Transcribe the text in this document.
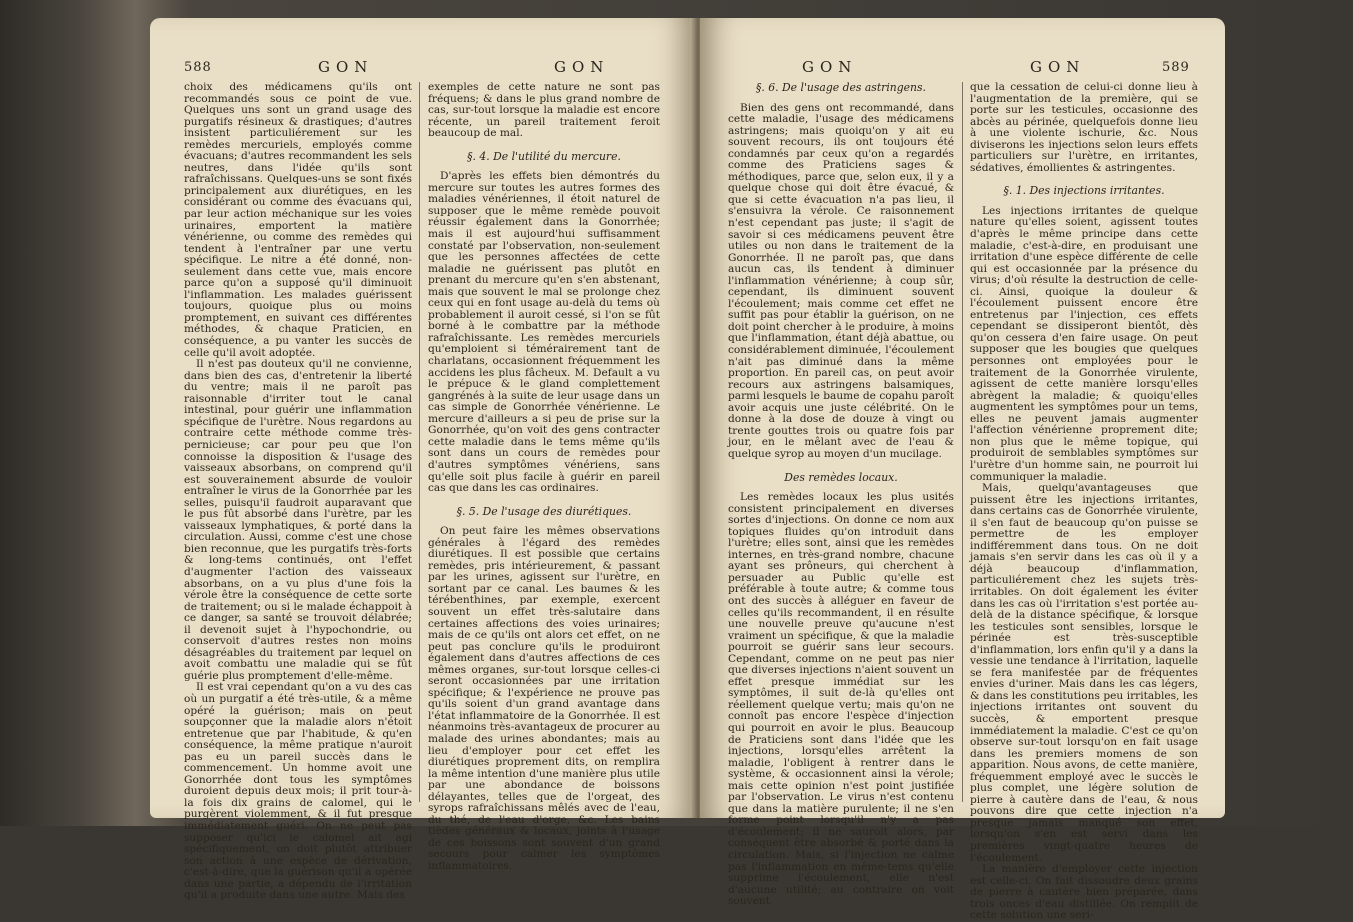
588	GON	GON

choix des médicamens qu'ils ont recommandés sous ce point de vue. Quelques uns sont un grand usage des purgatifs résineux & drastiques; d'autres insistent particuliérement sur les remèdes mercuriels, employés comme évacuans; d'autres recommandent les sels neutres, dans l'idée qu'ils sont rafraîchissans. Quelques-uns se sont fixés principalement aux diurétiques, en les considérant ou comme des évacuans qui, par leur action méchanique sur les voies urinaires, emportent la matière vénérienne, ou comme des remèdes qui tendent à l'entraîner par une vertu spécifique. Le nitre a été donné, non-seulement dans cette vue, mais encore parce qu'on a supposé qu'il diminuoit l'inflammation. Les malades guérissent toujours, quoique plus ou moins promptement, en suivant ces différentes méthodes, & chaque Praticien, en conséquence, a pu vanter les succès de celle qu'il avoit adoptée.

Il n'est pas douteux qu'il ne convienne, dans bien des cas, d'entretenir la liberté du ventre; mais il ne paroît pas raisonnable d'irriter tout le canal intestinal, pour guérir une inflammation spécifique de l'urètre. Nous regardons au contraire cette méthode comme très-pernicieuse; car pour peu que l'on connoisse la disposition & l'usage des vaisseaux absorbans, on comprend qu'il est souverainement absurde de vouloir entraîner le virus de la Gonorrhée par les selles, puisqu'il faudroit auparavant que le pus fût absorbé dans l'urètre, par les vaisseaux lymphatiques, & porté dans la circulation. Aussi, comme c'est une chose bien reconnue, que les purgatifs très-forts & long-tems continués, ont l'effet d'augmenter l'action des vaisseaux absorbans, on a vu plus d'une fois la vérole être la conséquence de cette sorte de traitement; ou si le malade échappoit à ce danger, sa santé se trouvoit délabrée; il devenoit sujet à l'hypochondrie, ou conservoit d'autres restes non moins désagréables du traitement par lequel on avoit combattu une maladie qui se fût guérie plus promptement d'elle-même.

Il est vrai cependant qu'on a vu des cas où un purgatif a été très-utile, & a même opéré la guérison; mais on peut soupçonner que la maladie alors n'étoit entretenue que par l'habitude, & qu'en conséquence, la même pratique n'auroit pas eu un pareil succès dans le commencement. Un homme avoit une Gonorrhée dont tous les symptômes duroient depuis deux mois; il prit tour-à-la fois dix grains de calomel, qui le purgèrent violemment, & il fut presque immédiatement guéri. On ne peut pas supposer qu'ici le calomel ait agi spécifiquement, on doit plutôt attribuer son action à une espèce de dérivation, c'est-à-dire, que la guérison qu'il a opérée dans une partie, a dépendu de l'irritation qu'il a produite dans une autre. Mais des

exemples de cette nature ne sont pas fréquens; & dans le plus grand nombre de cas, sur-tout lorsque la maladie est encore récente, un pareil traitement feroit beaucoup de mal.

§. 4. De l'utilité du mercure.

D'après les effets bien démontrés du mercure sur toutes les autres formes des maladies vénériennes, il étoit naturel de supposer que le même remède pouvoit réussir également dans la Gonorrhée; mais il est aujourd'hui suffisamment constaté par l'observation, non-seulement que les personnes affectées de cette maladie ne guérissent pas plutôt en prenant du mercure qu'en s'en abstenant, mais que souvent le mal se prolonge chez ceux qui en font usage au-delà du tems où probablement il auroit cessé, si l'on se fût borné à le combattre par la méthode rafraîchissante. Les remèdes mercuriels qu'emploient si témérairement tant de charlatans, occasionnent fréquemment les accidens les plus fâcheux. M. Default a vu le prépuce & le gland complettement gangrénés à la suite de leur usage dans un cas simple de Gonorrhée vénérienne. Le mercure d'ailleurs a si peu de prise sur la Gonorrhée, qu'on voit des gens contracter cette maladie dans le tems même qu'ils sont dans un cours de remèdes pour d'autres symptômes vénériens, sans qu'elle soit plus facile à guérir en pareil cas que dans les cas ordinaires.

§. 5. De l'usage des diurétiques.

On peut faire les mêmes observations générales à l'égard des remèdes diurétiques. Il est possible que certains remèdes, pris intérieurement, & passant par les urines, agissent sur l'urètre, en sortant par ce canal. Les baumes & les térébenthines, par exemple, exercent souvent un effet très-salutaire dans certaines affections des voies urinaires; mais de ce qu'ils ont alors cet effet, on ne peut pas conclure qu'ils le produiront également dans d'autres affections de ces mêmes organes, sur-tout lorsque celles-ci seront occasionnées par une irritation spécifique; & l'expérience ne prouve pas qu'ils soient d'un grand avantage dans l'état inflammatoire de la Gonorrhée. Il est néanmoins très-avantageux de procurer au malade des urines abondantes; mais au lieu d'employer pour cet effet les diurétiques proprement dits, on remplira la même intention d'une manière plus utile par une abondance de boissons délayantes, telles que de l'orgeat, des syrops rafraîchissans mêlés avec de l'eau, du thé, de l'eau d'orge, &c. Les bains tièdes généraux & locaux, joints à l'usage de ces boissons sont souvent d'un grand secours pour calmer les symptômes inflammatoires.

GON	GON	589

§. 6. De l'usage des astringens.

Bien des gens ont recommandé, dans cette maladie, l'usage des médicamens astringens; mais quoiqu'on y ait eu souvent recours, ils ont toujours été condamnés par ceux qu'on a regardés comme des Praticiens sages & méthodiques, parce que, selon eux, il y a quelque chose qui doit être évacué, & que si cette évacuation n'a pas lieu, il s'ensuivra la vérole. Ce raisonnement n'est cependant pas juste; il s'agit de savoir si ces médicamens peuvent être utiles ou non dans le traitement de la Gonorrhée. Il ne paroît pas, que dans aucun cas, ils tendent à diminuer l'inflammation vénérienne; à coup sûr, cependant, ils diminuent souvent l'écoulement; mais comme cet effet ne suffit pas pour établir la guérison, on ne doit point chercher à le produire, à moins que l'inflammation, étant déjà abattue, ou considérablement diminuée, l'écoulement n'ait pas diminué dans la même proportion. En pareil cas, on peut avoir recours aux astringens balsamiques, parmi lesquels le baume de copahu paroît avoir acquis une juste célébrité. On le donne à la dose de douze à vingt ou trente gouttes trois ou quatre fois par jour, en le mêlant avec de l'eau & quelque syrop au moyen d'un mucilage.

Des remèdes locaux.

Les remèdes locaux les plus usités consistent principalement en diverses sortes d'injections. On donne ce nom aux topiques fluides qu'on introduit dans l'urètre; elles sont, ainsi que les remèdes internes, en très-grand nombre, chacune ayant ses prôneurs, qui cherchent à persuader au Public qu'elle est préférable à toute autre; & comme tous ont des succès à alléguer en faveur de celles qu'ils recommandent, il en résulte une nouvelle preuve qu'aucune n'est vraiment un spécifique, & que la maladie pourroit se guérir sans leur secours. Cependant, comme on ne peut pas nier que diverses injections n'aient souvent un effet presque immédiat sur les symptômes, il suit de-là qu'elles ont réellement quelque vertu; mais qu'on ne connoît pas encore l'espèce d'injection qui pourroit en avoir le plus. Beaucoup de Praticiens sont dans l'idée que les injections, lorsqu'elles arrêtent la maladie, l'obligent à rentrer dans le système, & occasionnent ainsi la vérole; mais cette opinion n'est point justifiée par l'observation. Le virus n'est contenu que dans la matière purulente; il ne s'en forme point lorsqu'il n'y a pas d'écoulement; il ne sauroit alors, par conséquent être absorbé & porté dans la circulation. Mais, si l'injection ne calme pas l'inflammation en même-tems qu'elle supprime l'écoulement, elle n'est d'aucune utilité; au contraire on voit souvent

que la cessation de celui-ci donne lieu à l'augmentation de la première, qui se porte sur les testicules, occasionne des abcès au périnée, quelquefois donne lieu à une violente ischurie, &c. Nous diviserons les injections selon leurs effets particuliers sur l'urètre, en irritantes, sédatives, émollientes & astringentes.

§. 1. Des injections irritantes.

Les injections irritantes de quelque nature qu'elles soient, agissent toutes d'après le même principe dans cette maladie, c'est-à-dire, en produisant une irritation d'une espèce différente de celle qui est occasionnée par la présence du virus; d'où résulte la destruction de celle-ci. Ainsi, quoique la douleur & l'écoulement puissent encore être entretenus par l'injection, ces effets cependant se dissiperont bientôt, dès qu'on cessera d'en faire usage. On peut supposer que les bougies que quelques personnes ont employées pour le traitement de la Gonorrhée virulente, agissent de cette manière lorsqu'elles abrègent la maladie; & quoiqu'elles augmentent les symptômes pour un tems, elles ne peuvent jamais augmenter l'affection vénérienne proprement dite; non plus que le même topique, qui produiroit de semblables symptômes sur l'urètre d'un homme sain, ne pourroit lui communiquer la maladie.

Mais, quelqu'avantageuses que puissent être les injections irritantes, dans certains cas de Gonorrhée virulente, il s'en faut de beaucoup qu'on puisse se permettre de les employer indifféremment dans tous. On ne doit jamais s'en servir dans les cas où il y a déjà beaucoup d'inflammation, particuliérement chez les sujets très-irritables. On doit également les éviter dans les cas où l'irritation s'est portée au-delà de la distance spécifique, & lorsque les testicules sont sensibles, lorsque le périnée est très-susceptible d'inflammation, lors enfin qu'il y a dans la vessie une tendance à l'irritation, laquelle se fera manifestée par de fréquentes envies d'uriner. Mais dans les cas légers, & dans les constitutions peu irritables, les injections irritantes ont souvent du succès, & emportent presque immédiatement la maladie. C'est ce qu'on observe sur-tout lorsqu'on en fait usage dans les premiers momens de son apparition. Nous avons, de cette manière, fréquemment employé avec le succès le plus complet, une légère solution de pierre à cautère dans de l'eau, & nous pouvons dire que cette injection n'a presque jamais manqué son effet, lorsqu'on s'en est servi dans les premières vingt-quatre heures de l'écoulement.

La manière d'employer cette injection est celle-ci. On fait dissoudre deux grains de pierre à cautère bien préparée, dans trois onces d'eau distillée. On remplit de cette solution une seri-
